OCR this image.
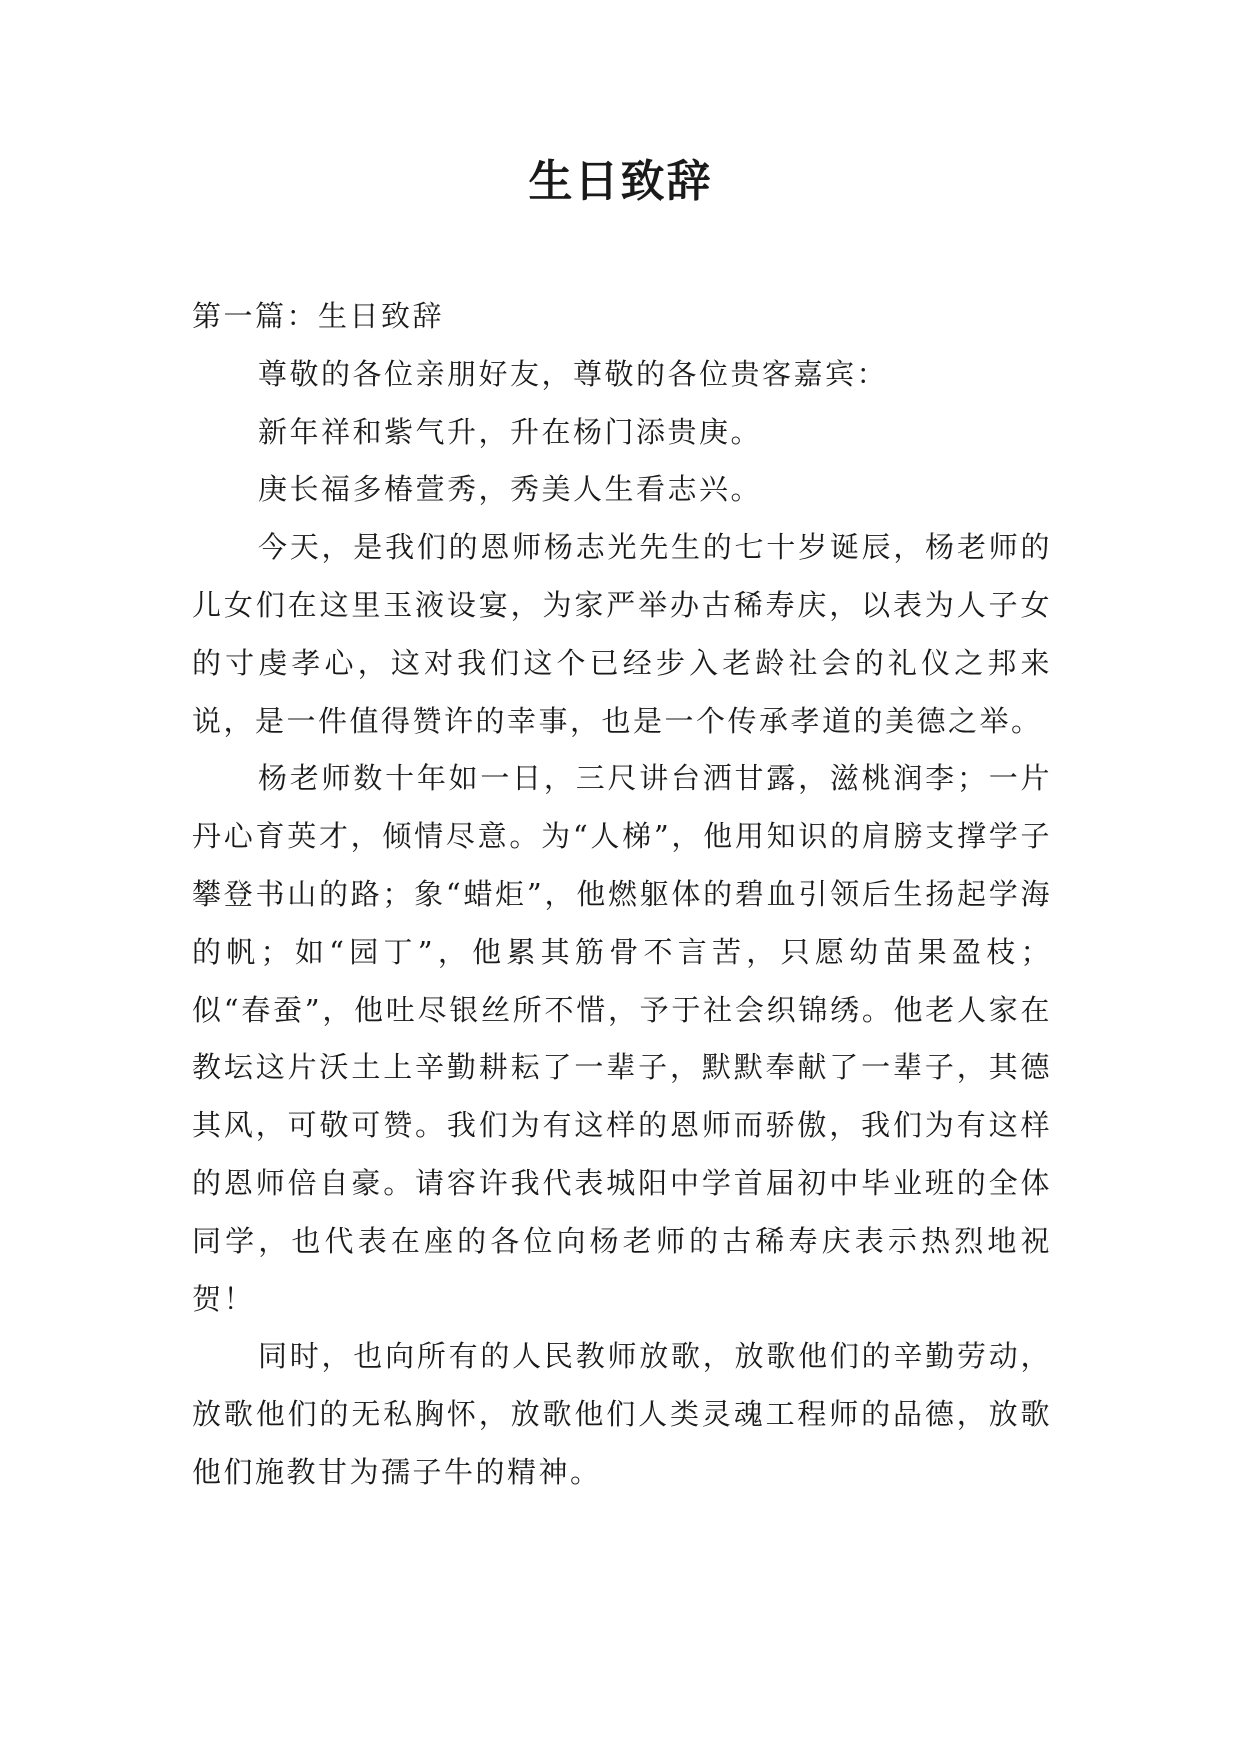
生日致辞

第一篇：生日致辞

尊敬的各位亲朋好友，尊敬的各位贵客嘉宾：

新年祥和紫气升，升在杨门添贵庚。

庚长福多椿萱秀，秀美人生看志兴。

今天，是我们的恩师杨志光先生的七十岁诞辰，杨老师的儿女们在这里玉液设宴，为家严举办古稀寿庆，以表为人子女的寸虔孝心，这对我们这个已经步入老龄社会的礼仪之邦来说，是一件值得赞许的幸事，也是一个传承孝道的美德之举。

杨老师数十年如一日，三尺讲台洒甘露，滋桃润李；一片丹心育英才，倾情尽意。为“人梯”，他用知识的肩膀支撑学子攀登书山的路；象“蜡炬”，他燃躯体的碧血引领后生扬起学海的帆；如“园丁”，他累其筋骨不言苦，只愿幼苗果盈枝；似“春蚕”，他吐尽银丝所不惜，予于社会织锦绣。他老人家在教坛这片沃土上辛勤耕耘了一辈子，默默奉献了一辈子，其德其风，可敬可赞。我们为有这样的恩师而骄傲，我们为有这样的恩师倍自豪。请容许我代表城阳中学首届初中毕业班的全体同学，也代表在座的各位向杨老师的古稀寿庆表示热烈地祝贺！

同时，也向所有的人民教师放歌，放歌他们的辛勤劳动，放歌他们的无私胸怀，放歌他们人类灵魂工程师的品德，放歌他们施教甘为孺子牛的精神。
